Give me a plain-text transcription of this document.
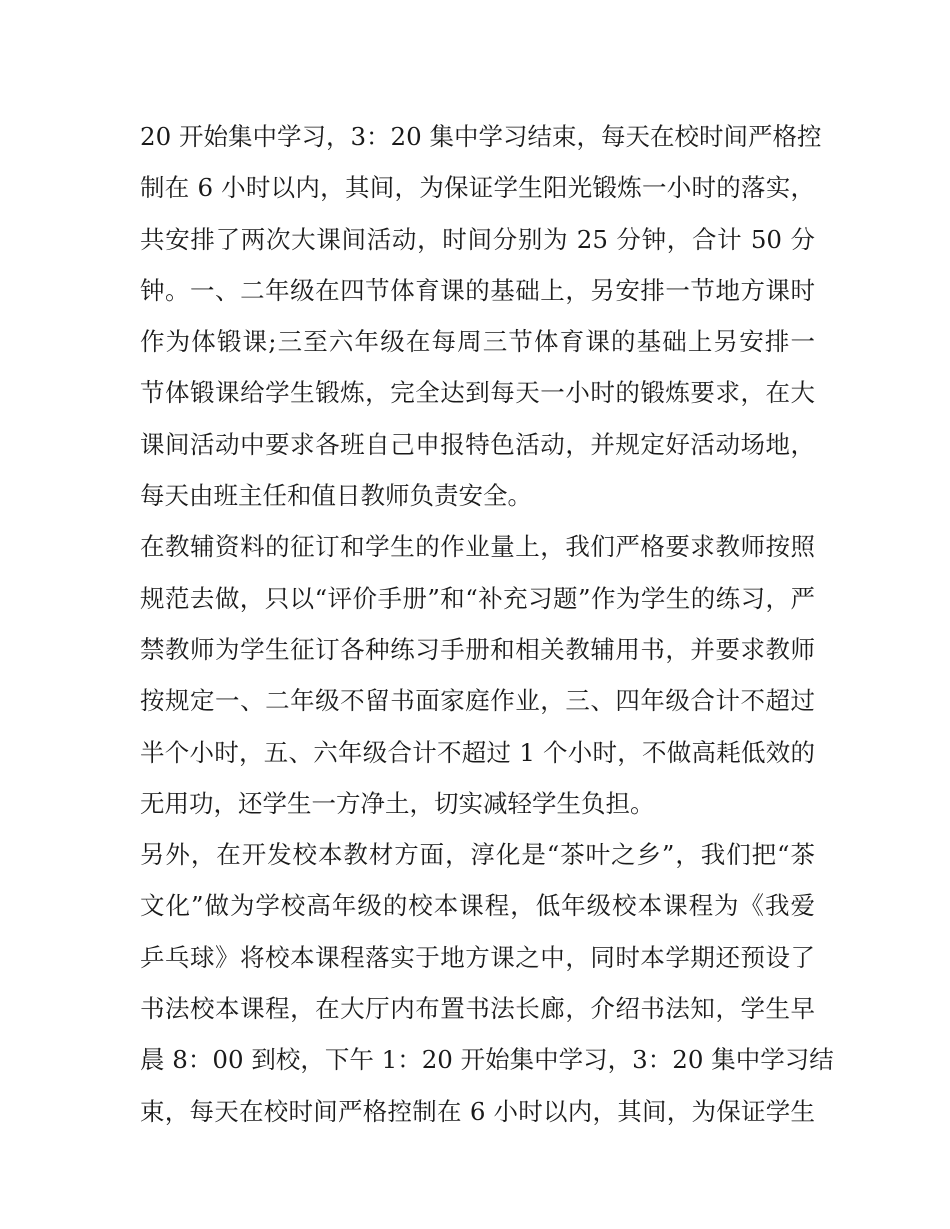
20 开始集中学习，3：20 集中学习结束，每天在校时间严格控
制在 6 小时以内，其间，为保证学生阳光锻炼一小时的落实，
共安排了两次大课间活动，时间分别为 25 分钟，合计 50 分
钟。一、二年级在四节体育课的基础上，另安排一节地方课时
作为体锻课;三至六年级在每周三节体育课的基础上另安排一
节体锻课给学生锻炼，完全达到每天一小时的锻炼要求，在大
课间活动中要求各班自己申报特色活动，并规定好活动场地，
每天由班主任和值日教师负责安全。
在教辅资料的征订和学生的作业量上，我们严格要求教师按照
规范去做，只以“评价手册”和“补充习题”作为学生的练习，严
禁教师为学生征订各种练习手册和相关教辅用书，并要求教师
按规定一、二年级不留书面家庭作业，三、四年级合计不超过
半个小时，五、六年级合计不超过 1 个小时，不做高耗低效的
无用功，还学生一方净土，切实减轻学生负担。
另外，在开发校本教材方面，淳化是“茶叶之乡”，我们把“茶
文化”做为学校高年级的校本课程，低年级校本课程为《我爱
乒乓球》将校本课程落实于地方课之中，同时本学期还预设了
书法校本课程，在大厅内布置书法长廊，介绍书法知，学生早
晨 8：00 到校，下午 1：20 开始集中学习，3：20 集中学习结
束，每天在校时间严格控制在 6 小时以内，其间，为保证学生
